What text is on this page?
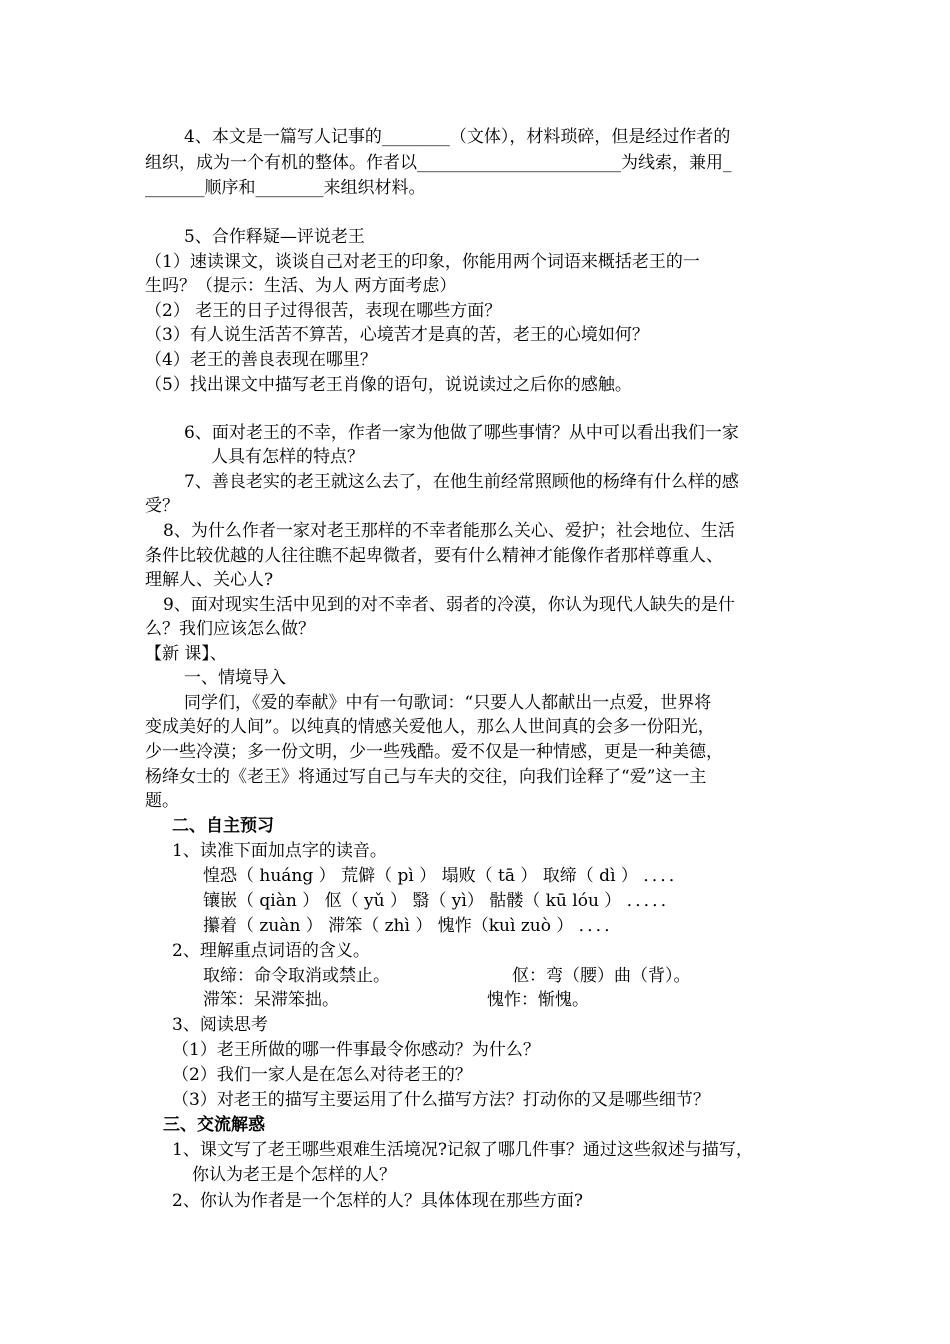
4、本文是一篇写人记事的________（文体），材料琐碎，但是经过作者的
组织，成为一个有机的整体。作者以________________________为线索，兼用_
_______顺序和________来组织材料。
5、合作释疑—评说老王
（1）速读课文，谈谈自己对老王的印象，你能用两个词语来概括老王的一
生吗？（提示：生活、为人 两方面考虑）
（2） 老王的日子过得很苦，表现在哪些方面？
（3）有人说生活苦不算苦，心境苦才是真的苦，老王的心境如何？
（4）老王的善良表现在哪里？
（5）找出课文中描写老王肖像的语句，说说读过之后你的感触。
6、面对老王的不幸，作者一家为他做了哪些事情？从中可以看出我们一家
人具有怎样的特点？
7、善良老实的老王就这么去了，在他生前经常照顾他的杨绛有什么样的感
受？
8、为什么作者一家对老王那样的不幸者能那么关心、爱护；社会地位、生活
条件比较优越的人往往瞧不起卑微者，要有什么精神才能像作者那样尊重人、
理解人、关心人?
9、面对现实生活中见到的对不幸者、弱者的冷漠，你认为现代人缺失的是什
么？我们应该怎么做？
【新 课】、
一、情境导入
同学们，《爱的奉献》中有一句歌词：“只要人人都献出一点爱，世界将
变成美好的人间”。以纯真的情感关爱他人，那么人世间真的会多一份阳光，
少一些冷漠；多一份文明，少一些残酷。爱不仅是一种情感，更是一种美德，
杨绛女士的《老王》将通过写自己与车夫的交往，向我们诠释了“爱”这一主
题。
二、自主预习
1、读准下面加点字的读音。
惶恐（ huáng ） 荒僻（ pì ） 塌败（ tā ） 取缔（ dì ） ．．．．
镶嵌（ qiàn ） 伛（ yǔ ） 翳（ yì） 骷髅（ kū lóu ） ．．．．．
攥着（ zuàn ） 滞笨（ zhì ） 愧怍（kuì zuò ） ．．．．
2、理解重点词语的含义。
取缔：命令取消或禁止。	伛：弯（腰）曲（背）。
滞笨：呆滞笨拙。	愧怍：惭愧。
3、阅读思考
（1）老王所做的哪一件事最令你感动？为什么？
（2）我们一家人是在怎么对待老王的？
（3）对老王的描写主要运用了什么描写方法？打动你的又是哪些细节？
三、交流解惑
1、课文写了老王哪些艰难生活境况?记叙了哪几件事？通过这些叙述与描写，
你认为老王是个怎样的人？
2、你认为作者是一个怎样的人？具体体现在那些方面?
